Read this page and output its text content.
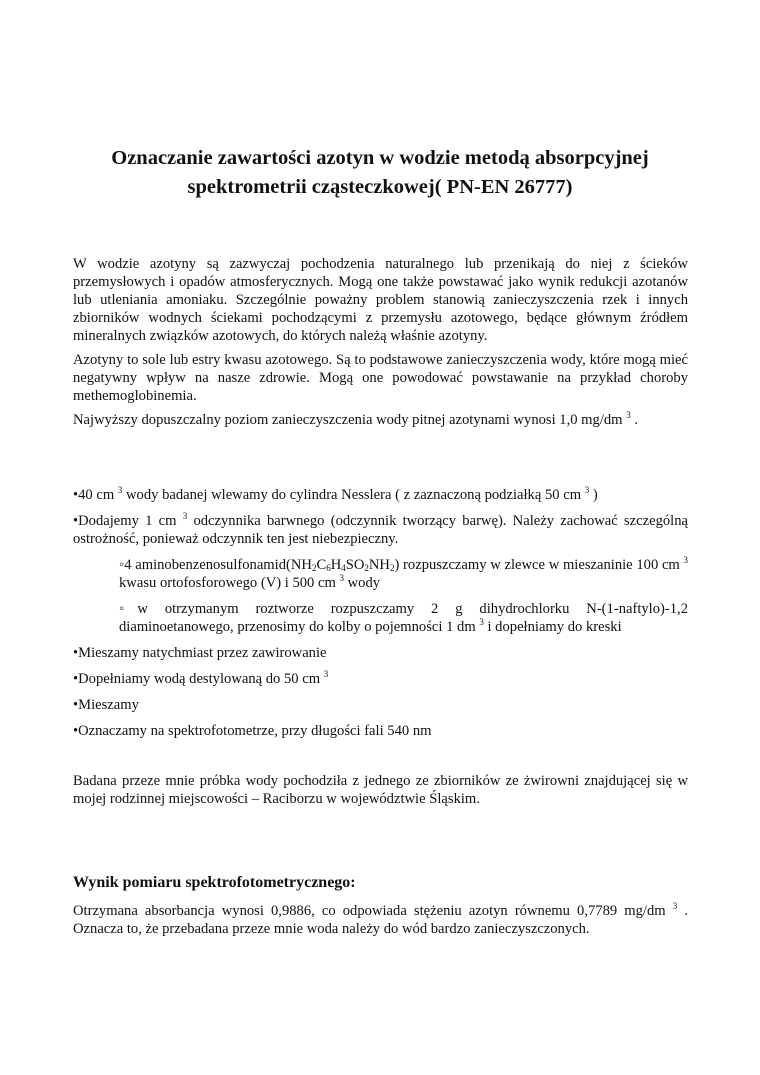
Oznaczanie zawartości azotyn w wodzie metodą absorpcyjnej spektrometrii cząsteczkowej( PN-EN 26777)

W wodzie azotyny są zazwyczaj pochodzenia naturalnego lub przenikają do niej z ścieków przemysłowych i opadów atmosferycznych. Mogą one także powstawać jako wynik redukcji azotanów lub utleniania amoniaku. Szczególnie poważny problem stanowią zanieczyszczenia rzek i innych zbiorników wodnych ściekami pochodzącymi z przemysłu azotowego, będące głównym źródłem mineralnych związków azotowych, do których należą właśnie azotyny.

Azotyny to sole lub estry kwasu azotowego. Są to podstawowe zanieczyszczenia wody, które mogą mieć negatywny wpływ na nasze zdrowie. Mogą one powodować powstawanie na przykład choroby methemoglobinemia.

Najwyższy dopuszczalny poziom zanieczyszczenia wody pitnej azotynami wynosi 1,0 mg/dm $^3$ .

•40 cm $^3$ wody badanej wlewamy do cylindra Nesslera ( z zaznaczoną podziałką 50 cm $^3$ )

•Dodajemy 1 cm $^3$ odczynnika barwnego (odczynnik tworzący barwę). Należy zachować szczególną ostrożność, ponieważ odczynnik ten jest niebezpieczny.

◦4 $aminobenzenosulfonamid(NH_2C_6H_4SO_2NH_2)$ rozpuszczamy w zlewce w mieszaninie 100 cm $^3$ kwasu ortofosforowego (V) i 500 cm $^3$ wody

◦w otrzymanym roztworze rozpuszczamy 2 g dihydrochlorku N-(1-naftylo)-1,2 diaminoetanowego, przenosimy do kolby o pojemności 1 dm $^3$ i dopełniamy do kreski

•Mieszamy natychmiast przez zawirowanie

•Dopełniamy wodą destylowaną do 50 cm $^3$

•Mieszamy

•Oznaczamy na spektrofotometrze, przy długości fali 540 nm

Badana przeze mnie próbka wody pochodziła z jednego ze zbiorników ze żwirowni znajdującej się w mojej rodzinnej miejscowości – Raciborzu w województwie Śląskim.

Wynik pomiaru spektrofotometrycznego:

Otrzymana absorbancja wynosi 0,9886, co odpowiada stężeniu azotyn równemu 0,7789 mg/dm $^3$ . Oznacza to, że przebadana przeze mnie woda należy do wód bardzo zanieczyszczonych.
